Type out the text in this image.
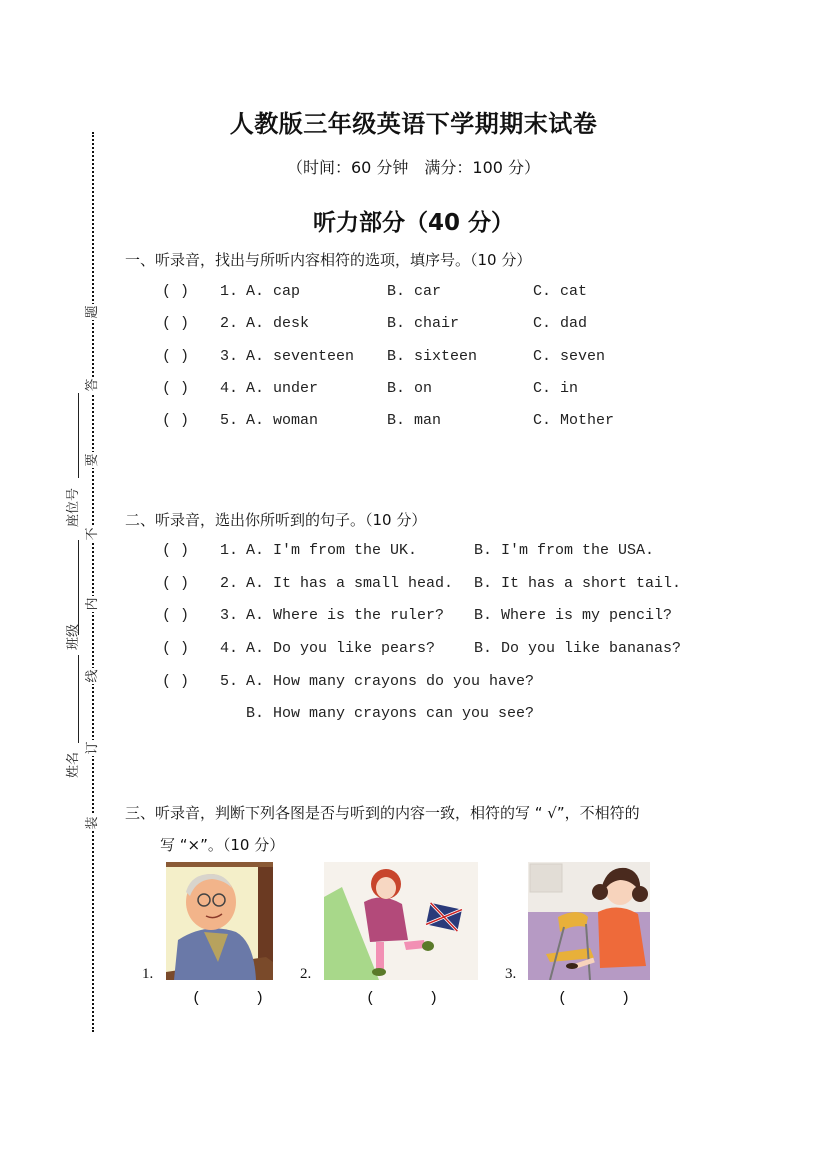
题
答
要
不
内
线
订
装
座位号
班级
姓名
人教版三年级英语下学期期末试卷
（时间：60 分钟　满分：100 分）
听力部分（40 分）
一、听录音，找出与所听内容相符的选项，填序号。（10 分）
( ) 1. A. cap	B. car	C. cat
( ) 2. A. desk	B. chair	C. dad
( ) 3. A. seventeen B. sixteen	C. seven
( ) 4. A. under	B. on	C. in
( ) 5. A. woman	B. man	C. Mother
二、听录音，选出你所听到的句子。（10 分）
( ) 1. A. I'm from the UK.	B. I'm from the USA.
( ) 2. A. It has a small head. B. It has a short tail.
( ) 3. A. Where is the ruler? B. Where is my pencil?
( ) 4. A. Do you like pears?	B. Do you like bananas?
( ) 5. A. How many crayons do you have?
B. How many crayons can you see?
三、听录音，判断下列各图是否与听到的内容一致，相符的写 “ √”，不相符的
写 “×”。（10 分）
1.
(      )
2.
(      )
3.
(      )
